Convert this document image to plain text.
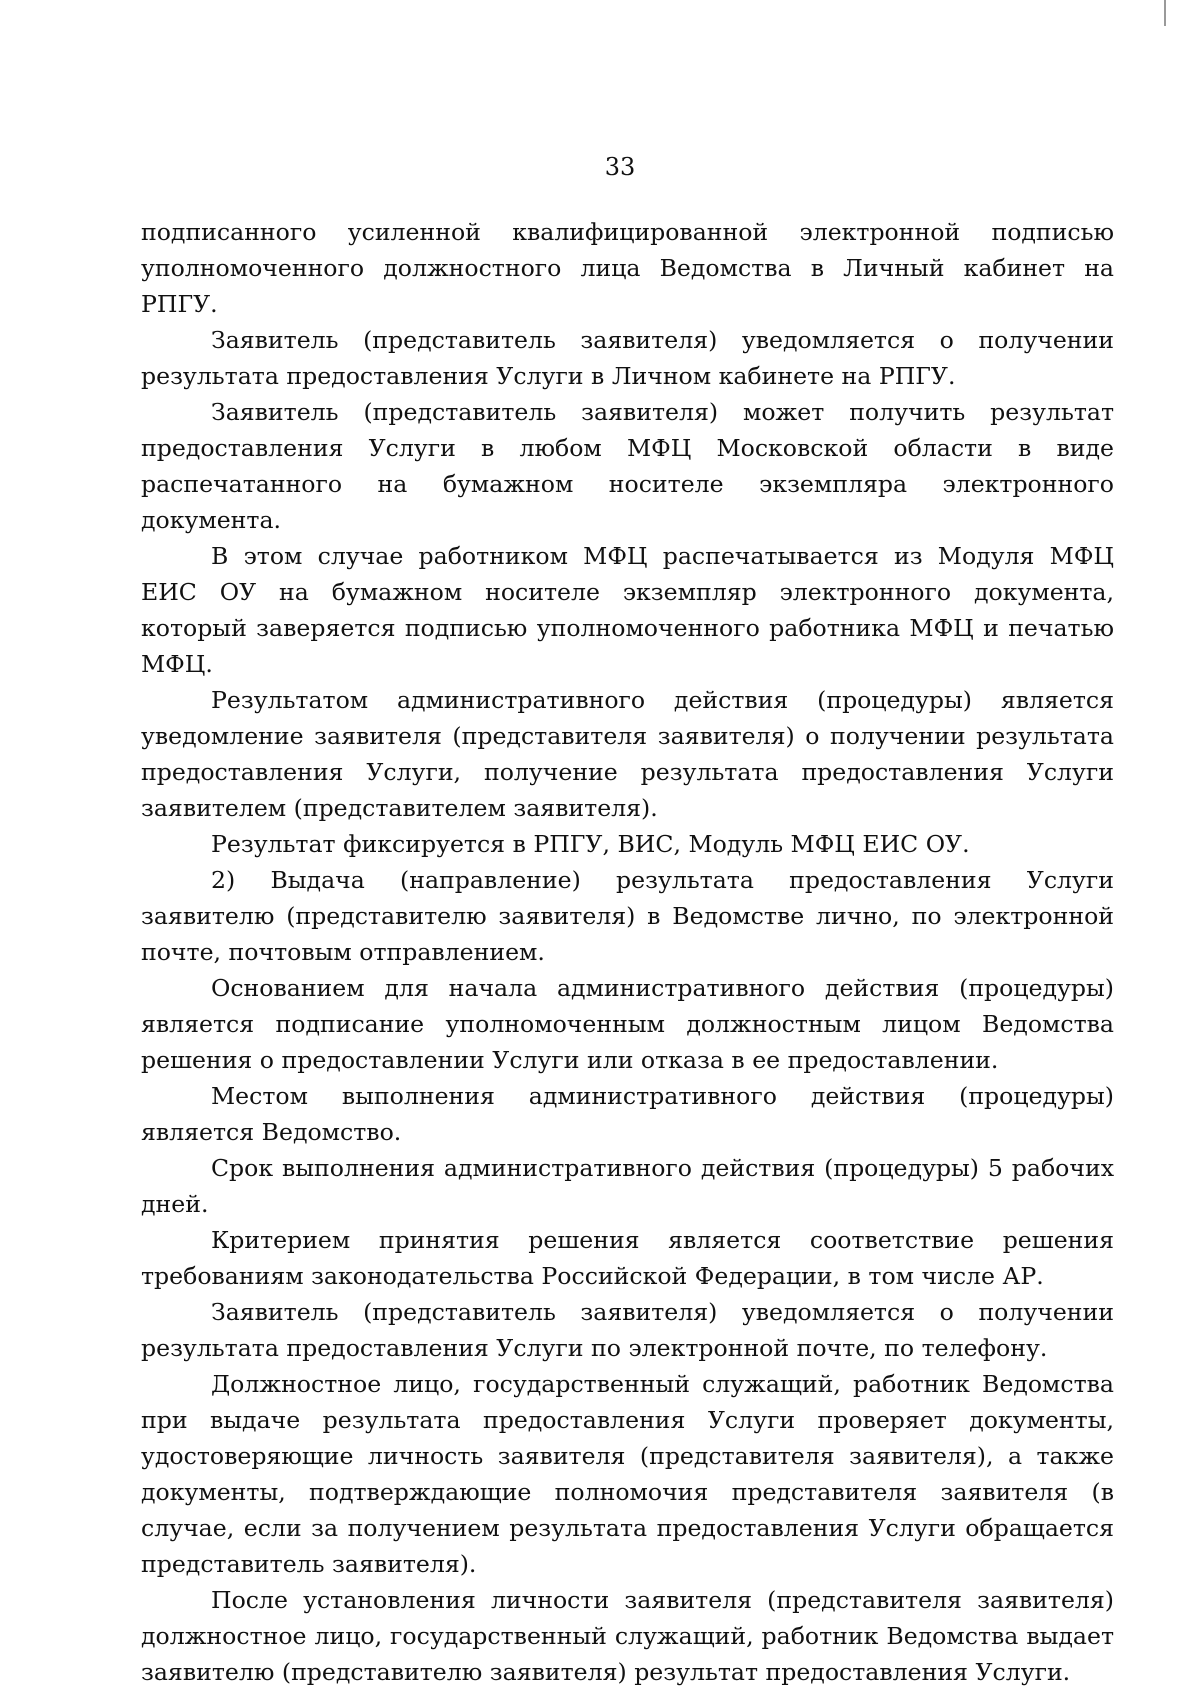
33

подписанного усиленной квалифицированной электронной подписью уполномоченного должностного лица Ведомства в Личный кабинет на РПГУ.

Заявитель (представитель заявителя) уведомляется о получении результата предоставления Услуги в Личном кабинете на РПГУ.

Заявитель (представитель заявителя) может получить результат предоставления Услуги в любом МФЦ Московской области в виде распечатанного на бумажном носителе экземпляра электронного документа.

В этом случае работником МФЦ распечатывается из Модуля МФЦ ЕИС ОУ на бумажном носителе экземпляр электронного документа, который заверяется подписью уполномоченного работника МФЦ и печатью МФЦ.

Результатом административного действия (процедуры) является уведомление заявителя (представителя заявителя) о получении результата предоставления Услуги, получение результата предоставления Услуги заявителем (представителем заявителя).

Результат фиксируется в РПГУ, ВИС, Модуль МФЦ ЕИС ОУ.

2) Выдача (направление) результата предоставления Услуги заявителю (представителю заявителя) в Ведомстве лично, по электронной почте, почтовым отправлением.

Основанием для начала административного действия (процедуры) является подписание уполномоченным должностным лицом Ведомства решения о предоставлении Услуги или отказа в ее предоставлении.

Местом выполнения административного действия (процедуры) является Ведомство.

Срок выполнения административного действия (процедуры) 5 рабочих дней.

Критерием принятия решения является соответствие решения требованиям законодательства Российской Федерации, в том числе АР.

Заявитель (представитель заявителя) уведомляется о получении результата предоставления Услуги по электронной почте, по телефону.

Должностное лицо, государственный служащий, работник Ведомства при выдаче результата предоставления Услуги проверяет документы, удостоверяющие личность заявителя (представителя заявителя), а также документы, подтверждающие полномочия представителя заявителя (в случае, если за получением результата предоставления Услуги обращается представитель заявителя).

После установления личности заявителя (представителя заявителя) должностное лицо, государственный служащий, работник Ведомства выдает заявителю (представителю заявителя) результат предоставления Услуги.
